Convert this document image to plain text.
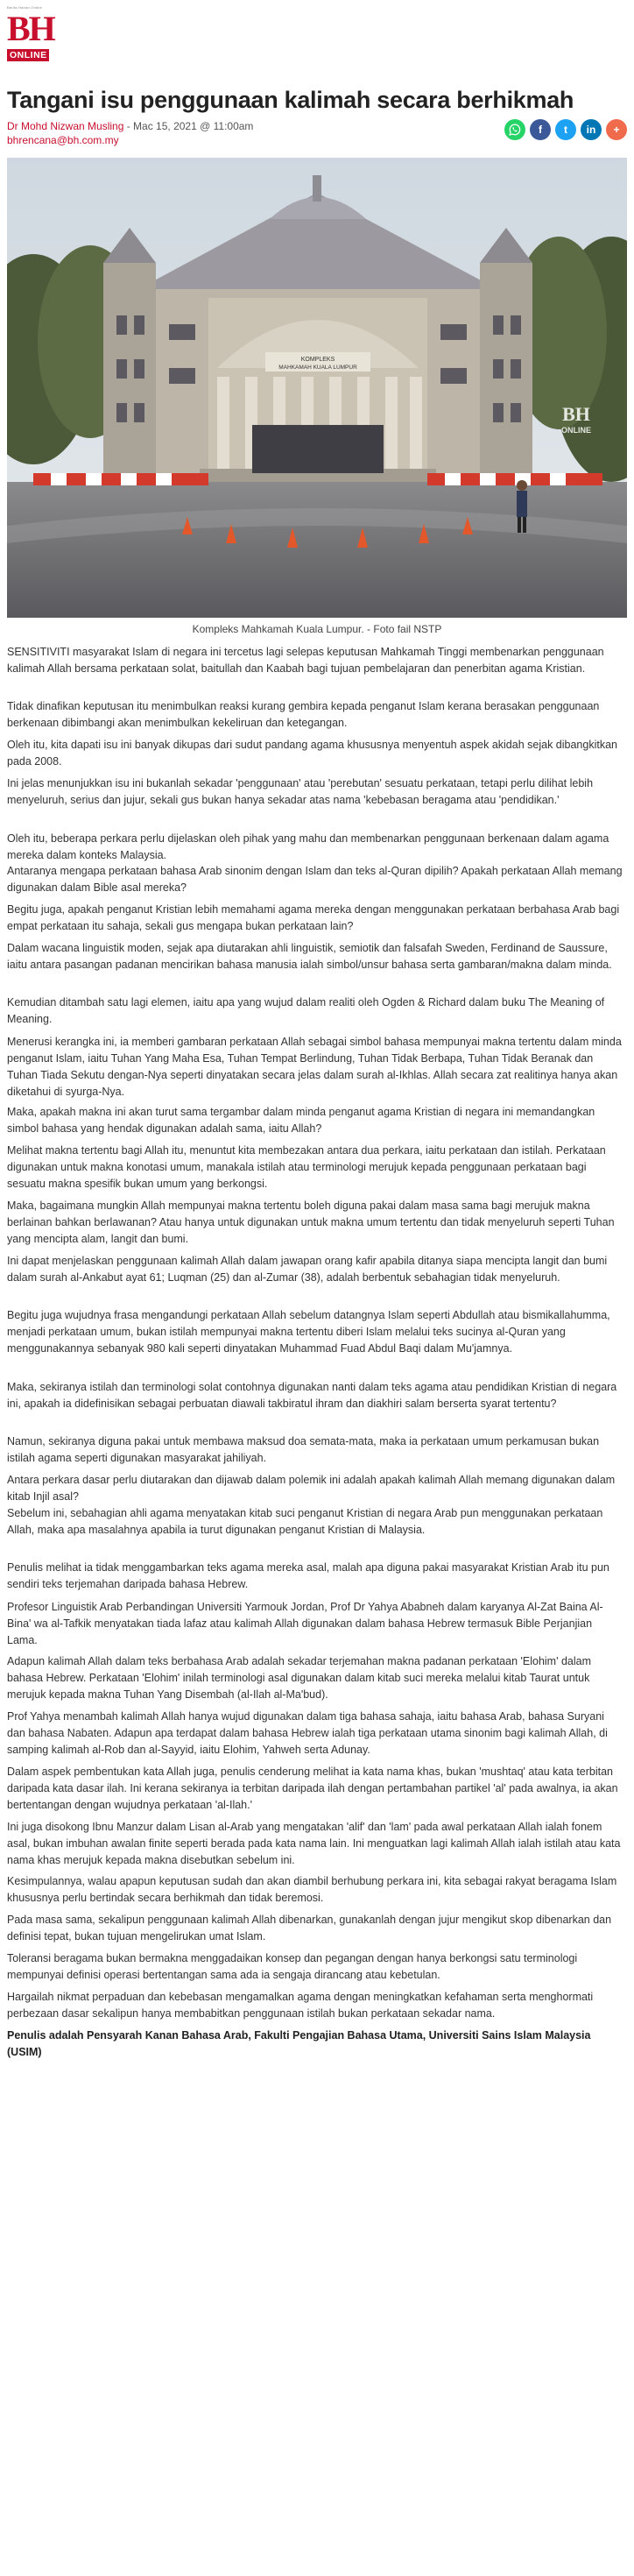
Berita Harian Online
BH
ONLINE
Tangani isu penggunaan kalimah secara berhikmah
Dr Mohd Nizwan Musling - Mac 15, 2021 @ 11:00am
bhrencana@bh.com.my
f t in +
KOMPLEKS
MAHKAMAH KUALA LUMPUR
BH
ONLINE
Kompleks Mahkamah Kuala Lumpur. - Foto fail NSTP

SENSITIVITI masyarakat Islam di negara ini tercetus lagi selepas keputusan Mahkamah Tinggi membenarkan penggunaan kalimah Allah bersama perkataan solat, baitullah dan Kaabah bagi tujuan pembelajaran dan penerbitan agama Kristian.

Tidak dinafikan keputusan itu menimbulkan reaksi kurang gembira kepada penganut Islam kerana berasakan penggunaan berkenaan dibimbangi akan menimbulkan kekeliruan dan ketegangan.

Oleh itu, kita dapati isu ini banyak dikupas dari sudut pandang agama khususnya menyentuh aspek akidah sejak dibangkitkan pada 2008.

Ini jelas menunjukkan isu ini bukanlah sekadar 'penggunaan' atau 'perebutan' sesuatu perkataan, tetapi perlu dilihat lebih menyeluruh, serius dan jujur, sekali gus bukan hanya sekadar atas nama 'kebebasan beragama atau 'pendidikan.'

Oleh itu, beberapa perkara perlu dijelaskan oleh pihak yang mahu dan membenarkan penggunaan berkenaan dalam agama mereka dalam konteks Malaysia.

Antaranya mengapa perkataan bahasa Arab sinonim dengan Islam dan teks al-Quran dipilih? Apakah perkataan Allah memang digunakan dalam Bible asal mereka?

Begitu juga, apakah penganut Kristian lebih memahami agama mereka dengan menggunakan perkataan berbahasa Arab bagi empat perkataan itu sahaja, sekali gus mengapa bukan perkataan lain?

Dalam wacana linguistik moden, sejak apa diutarakan ahli linguistik, semiotik dan falsafah Sweden, Ferdinand de Saussure, iaitu antara pasangan padanan mencirikan bahasa manusia ialah simbol/unsur bahasa serta gambaran/makna dalam minda.

Kemudian ditambah satu lagi elemen, iaitu apa yang wujud dalam realiti oleh Ogden & Richard dalam buku The Meaning of Meaning.

Menerusi kerangka ini, ia memberi gambaran perkataan Allah sebagai simbol bahasa mempunyai makna tertentu dalam minda penganut Islam, iaitu Tuhan Yang Maha Esa, Tuhan Tempat Berlindung, Tuhan Tidak Berbapa, Tuhan Tidak Beranak dan Tuhan Tiada Sekutu dengan-Nya seperti dinyatakan secara jelas dalam surah al-Ikhlas. Allah secara zat realitinya hanya akan diketahui di syurga-Nya.

Maka, apakah makna ini akan turut sama tergambar dalam minda penganut agama Kristian di negara ini memandangkan simbol bahasa yang hendak digunakan adalah sama, iaitu Allah?

Melihat makna tertentu bagi Allah itu, menuntut kita membezakan antara dua perkara, iaitu perkataan dan istilah. Perkataan digunakan untuk makna konotasi umum, manakala istilah atau terminologi merujuk kepada penggunaan perkataan bagi sesuatu makna spesifik bukan umum yang berkongsi.

Maka, bagaimana mungkin Allah mempunyai makna tertentu boleh diguna pakai dalam masa sama bagi merujuk makna berlainan bahkan berlawanan? Atau hanya untuk digunakan untuk makna umum tertentu dan tidak menyeluruh seperti Tuhan yang mencipta alam, langit dan bumi.

Ini dapat menjelaskan penggunaan kalimah Allah dalam jawapan orang kafir apabila ditanya siapa mencipta langit dan bumi dalam surah al-Ankabut ayat 61; Luqman (25) dan al-Zumar (38), adalah berbentuk sebahagian tidak menyeluruh.

Begitu juga wujudnya frasa mengandungi perkataan Allah sebelum datangnya Islam seperti Abdullah atau bismikallahumma, menjadi perkataan umum, bukan istilah mempunyai makna tertentu diberi Islam melalui teks sucinya al-Quran yang menggunakannya sebanyak 980 kali seperti dinyatakan Muhammad Fuad Abdul Baqi dalam Mu'jamnya.

Maka, sekiranya istilah dan terminologi solat contohnya digunakan nanti dalam teks agama atau pendidikan Kristian di negara ini, apakah ia didefinisikan sebagai perbuatan diawali takbiratul ihram dan diakhiri salam berserta syarat tertentu?

Namun, sekiranya diguna pakai untuk membawa maksud doa semata-mata, maka ia perkataan umum perkamusan bukan istilah agama seperti digunakan masyarakat jahiliyah.

Antara perkara dasar perlu diutarakan dan dijawab dalam polemik ini adalah apakah kalimah Allah memang digunakan dalam kitab Injil asal?

Sebelum ini, sebahagian ahli agama menyatakan kitab suci penganut Kristian di negara Arab pun menggunakan perkataan Allah, maka apa masalahnya apabila ia turut digunakan penganut Kristian di Malaysia.

Penulis melihat ia tidak menggambarkan teks agama mereka asal, malah apa diguna pakai masyarakat Kristian Arab itu pun sendiri teks terjemahan daripada bahasa Hebrew.

Profesor Linguistik Arab Perbandingan Universiti Yarmouk Jordan, Prof Dr Yahya Ababneh dalam karyanya Al-Zat Baina Al-Bina' wa al-Tafkik menyatakan tiada lafaz atau kalimah Allah digunakan dalam bahasa Hebrew termasuk Bible Perjanjian Lama.

Adapun kalimah Allah dalam teks berbahasa Arab adalah sekadar terjemahan makna padanan perkataan 'Elohim' dalam bahasa Hebrew. Perkataan 'Elohim' inilah terminologi asal digunakan dalam kitab suci mereka melalui kitab Taurat untuk merujuk kepada makna Tuhan Yang Disembah (al-Ilah al-Ma'bud).

Prof Yahya menambah kalimah Allah hanya wujud digunakan dalam tiga bahasa sahaja, iaitu bahasa Arab, bahasa Suryani dan bahasa Nabaten. Adapun apa terdapat dalam bahasa Hebrew ialah tiga perkataan utama sinonim bagi kalimah Allah, di samping kalimah al-Rob dan al-Sayyid, iaitu Elohim, Yahweh serta Adunay.

Dalam aspek pembentukan kata Allah juga, penulis cenderung melihat ia kata nama khas, bukan 'mushtaq' atau kata terbitan daripada kata dasar ilah. Ini kerana sekiranya ia terbitan daripada ilah dengan pertambahan partikel 'al' pada awalnya, ia akan bertentangan dengan wujudnya perkataan 'al-Ilah.'

Ini juga disokong Ibnu Manzur dalam Lisan al-Arab yang mengatakan 'alif' dan 'lam' pada awal perkataan Allah ialah fonem asal, bukan imbuhan awalan finite seperti berada pada kata nama lain. Ini menguatkan lagi kalimah Allah ialah istilah atau kata nama khas merujuk kepada makna disebutkan sebelum ini.

Kesimpulannya, walau apapun keputusan sudah dan akan diambil berhubung perkara ini, kita sebagai rakyat beragama Islam khususnya perlu bertindak secara berhikmah dan tidak beremosi.

Pada masa sama, sekalipun penggunaan kalimah Allah dibenarkan, gunakanlah dengan jujur mengikut skop dibenarkan dan definisi tepat, bukan tujuan mengelirukan umat Islam.

Toleransi beragama bukan bermakna menggadaikan konsep dan pegangan dengan hanya berkongsi satu terminologi mempunyai definisi operasi bertentangan sama ada ia sengaja dirancang atau kebetulan.

Hargailah nikmat perpaduan dan kebebasan mengamalkan agama dengan meningkatkan kefahaman serta menghormati perbezaan dasar sekalipun hanya membabitkan penggunaan istilah bukan perkataan sekadar nama.

Penulis adalah Pensyarah Kanan Bahasa Arab, Fakulti Pengajian Bahasa Utama, Universiti Sains Islam Malaysia (USIM)
